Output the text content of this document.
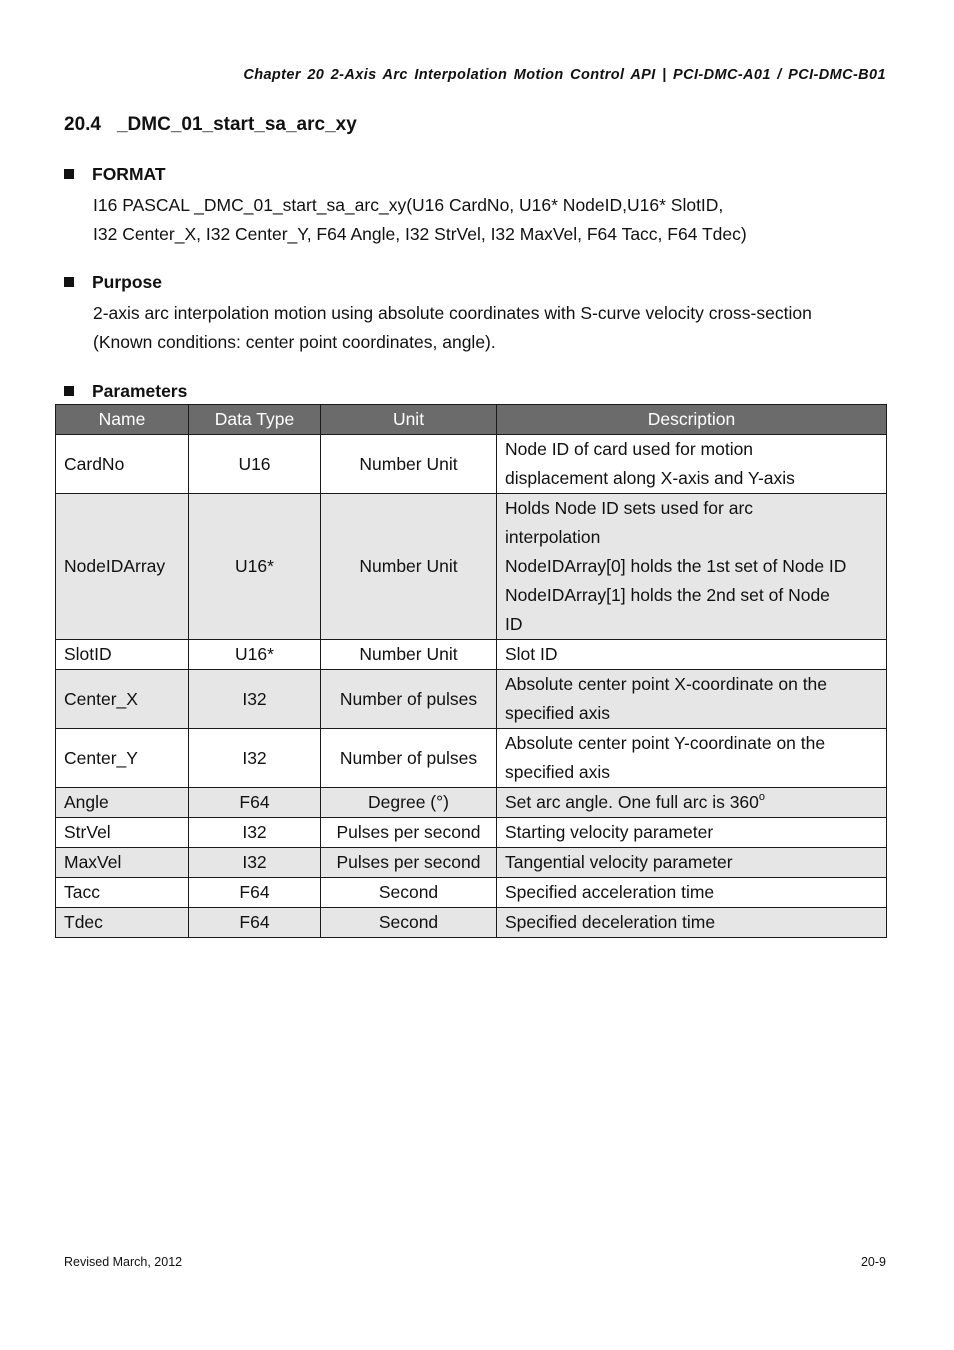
Chapter 20 2-Axis Arc Interpolation Motion Control API | PCI-DMC-A01 / PCI-DMC-B01
20.4 _DMC_01_start_sa_arc_xy
FORMAT
I16 PASCAL _DMC_01_start_sa_arc_xy(U16 CardNo, U16* NodeID,U16* SlotID,
I32 Center_X, I32 Center_Y, F64 Angle, I32 StrVel, I32 MaxVel, F64 Tacc, F64 Tdec)
Purpose
2-axis arc interpolation motion using absolute coordinates with S-curve velocity cross-section
(Known conditions: center point coordinates, angle).
Parameters
Name	Data Type	Unit	Description
CardNo	U16	Number Unit	Node ID of card used for motion
displacement along X-axis and Y-axis

NodeIDArray	U16*	Number Unit	Holds Node ID sets used for arc
interpolation
NodeIDArray[0] holds the 1st set of Node ID
NodeIDArray[1] holds the 2nd set of Node
ID

SlotID	U16*	Number Unit	Slot ID
Center_X	I32	Number of pulses	Absolute center point X-coordinate on the
specified axis

Center_Y	I32	Number of pulses	Absolute center point Y-coordinate on the
specified axis

Angle	F64	Degree (°)	Set arc angle. One full arc is 360$^o$
StrVel	I32	Pulses per second	Starting velocity parameter
MaxVel	I32	Pulses per second	Tangential velocity parameter
Tacc	F64	Second	Specified acceleration time
Tdec	F64	Second	Specified deceleration time
Revised March, 2012	20-9
